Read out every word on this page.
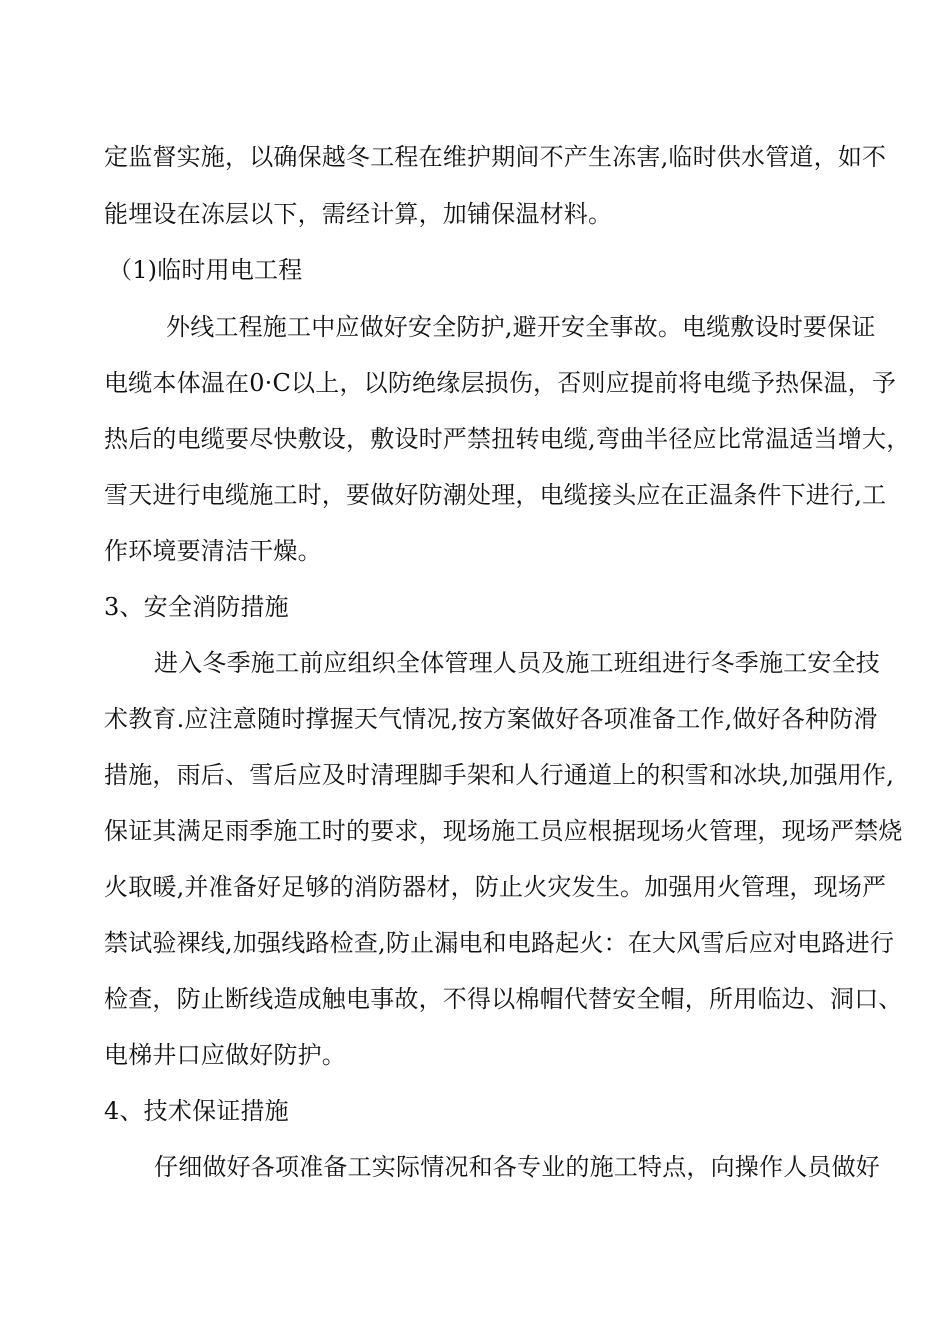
定监督实施，以确保越冬工程在维护期间不产生冻害,临时供水管道，如不
能埋设在冻层以下，需经计算，加铺保温材料。
（1)临时用电工程
外线工程施工中应做好安全防护,避开安全事故。电缆敷设时要保证
电缆本体温在0·C以上，以防绝缘层损伤，否则应提前将电缆予热保温，予
热后的电缆要尽快敷设，敷设时严禁扭转电缆,弯曲半径应比常温适当增大，
雪天进行电缆施工时，要做好防潮处理，电缆接头应在正温条件下进行,工
作环境要清洁干燥。
3、安全消防措施
进入冬季施工前应组织全体管理人员及施工班组进行冬季施工安全技
术教育.应注意随时撑握天气情况,按方案做好各项准备工作,做好各种防滑
措施，雨后、雪后应及时清理脚手架和人行通道上的积雪和冰块,加强用作,
保证其满足雨季施工时的要求，现场施工员应根据现场火管理，现场严禁烧
火取暖,并准备好足够的消防器材，防止火灾发生。加强用火管理，现场严
禁试验裸线,加强线路检查,防止漏电和电路起火：在大风雪后应对电路进行
检查，防止断线造成触电事故，不得以棉帽代替安全帽，所用临边、洞口、
电梯井口应做好防护。
4、技术保证措施
仔细做好各项准备工实际情况和各专业的施工特点，向操作人员做好
